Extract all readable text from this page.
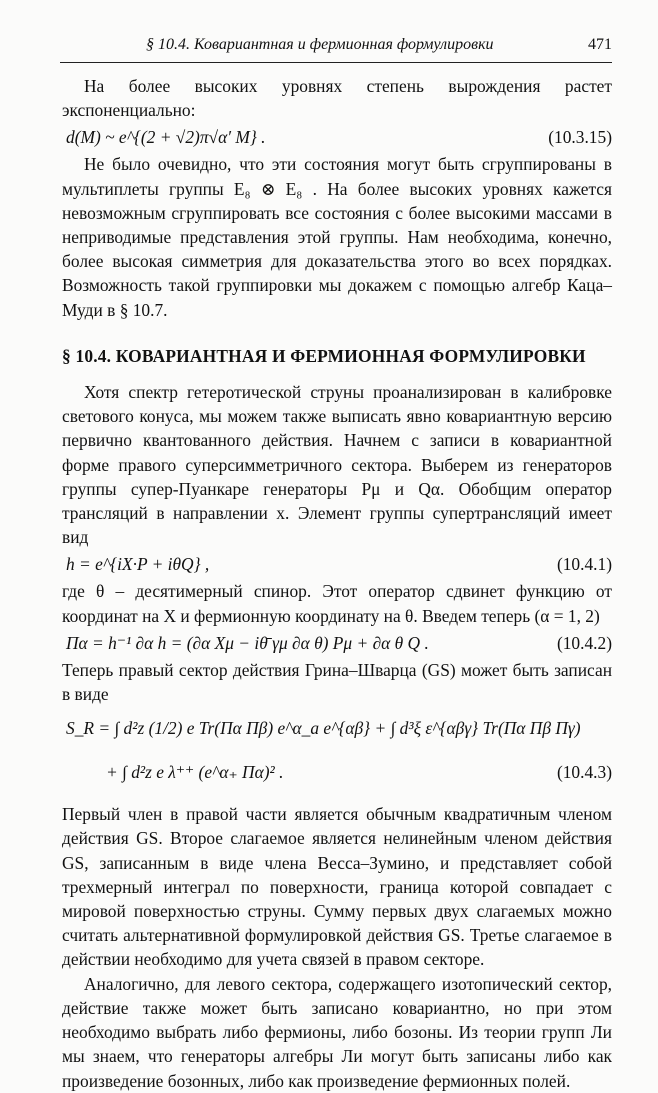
§ 10.4. Ковариантная и фермионная формулировки	471

На более высоких уровнях степень вырождения растет экспоненциально:

d(M) ~ e^{(2 + √2)π√α′ M} .	(10.3.15)

Не было очевидно, что эти состояния могут быть сгруппированы в мультиплеты группы E₈ ⊗ E₈ . На более высоких уровнях кажется невозможным сгруппировать все состояния с более высокими массами в неприводимые представления этой группы. Нам необходима, конечно, более высокая симметрия для доказательства этого во всех порядках. Возможность такой группировки мы докажем с помощью алгебр Каца–Муди в § 10.7.

§ 10.4. КОВАРИАНТНАЯ И ФЕРМИОННАЯ ФОРМУЛИРОВКИ

Хотя спектр гетеротической струны проанализирован в калибровке светового конуса, мы можем также выписать явно ковариантную версию первично квантованного действия. Начнем с записи в ковариантной форме правого суперсимметричного сектора. Выберем из генераторов группы супер-Пуанкаре генераторы Pμ и Qα. Обобщим оператор трансляций в направлении x. Элемент группы супертрансляций имеет вид

h = e^{iX·P + iθQ} ,	(10.4.1)

где θ – десятимерный спинор. Этот оператор сдвинет функцию от координат на X и фермионную координату на θ. Введем теперь (α = 1, 2)

Πα = h⁻¹ ∂α h = (∂α Xμ − iθ̄ γμ ∂α θ) Pμ + ∂α θ Q .	(10.4.2)

Теперь правый сектор действия Грина–Шварца (GS) может быть записан в виде

S_R = ∫ d²z (1/2) e Tr(Πα Πβ) e^α_a e^{αβ} + ∫ d³ξ ε^{αβγ} Tr(Πα Πβ Πγ)
+ ∫ d²z e λ⁺⁺ (e^α₊ Πα)² .	(10.4.3)

Первый член в правой части является обычным квадратичным членом действия GS. Второе слагаемое является нелинейным членом действия GS, записанным в виде члена Весса–Зумино, и представляет собой трехмерный интеграл по поверхности, граница которой совпадает с мировой поверхностью струны. Сумму первых двух слагаемых можно считать альтернативной формулировкой действия GS. Третье слагаемое в действии необходимо для учета связей в правом секторе.

Аналогично, для левого сектора, содержащего изотопический сектор, действие также может быть записано ковариантно, но при этом необходимо выбрать либо фермионы, либо бозоны. Из теории групп Ли мы знаем, что генераторы алгебры Ли могут быть записаны либо как произведение бозонных, либо как произведение фермионных полей.
